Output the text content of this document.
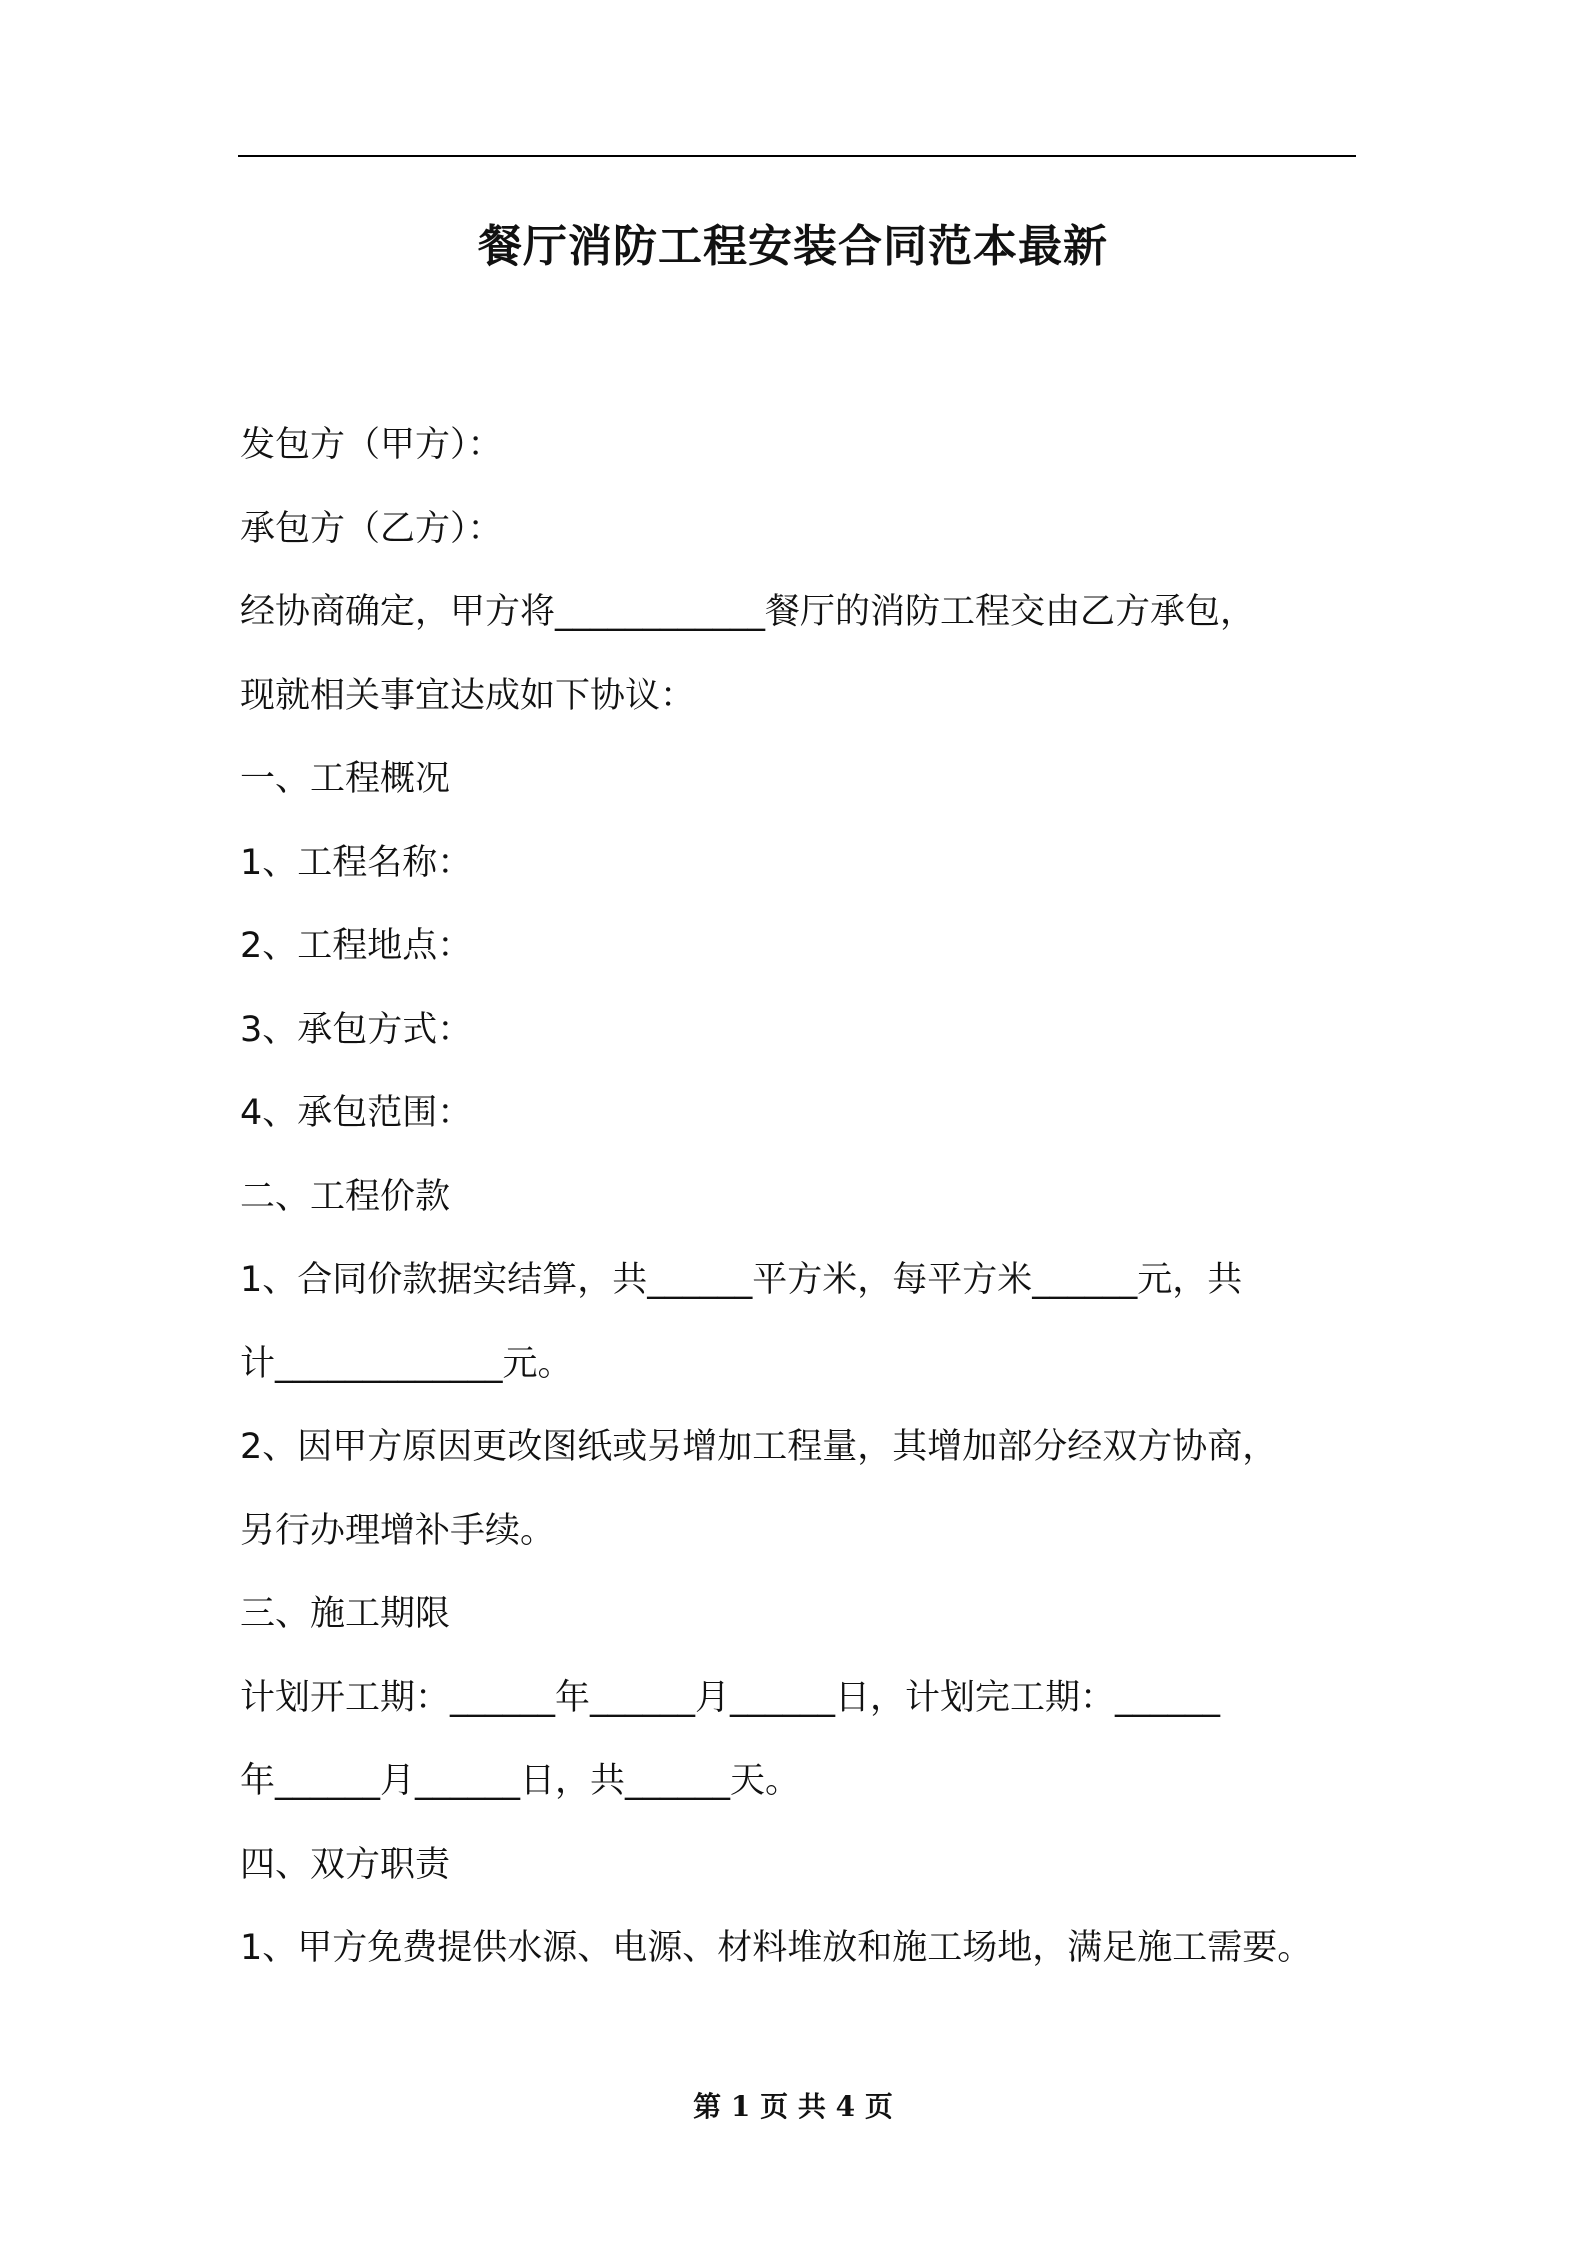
餐厅消防工程安装合同范本最新
发包方（甲方）：
承包方（乙方）：
经协商确定，甲方将____________餐厅的消防工程交由乙方承包，
现就相关事宜达成如下协议：
一、工程概况
1、工程名称：
2、工程地点：
3、承包方式：
4、承包范围：
二、工程价款
1、合同价款据实结算，共______平方米，每平方米______元，共
计_____________元。
2、因甲方原因更改图纸或另增加工程量，其增加部分经双方协商，
另行办理增补手续。
三、施工期限
计划开工期：______年______月______日，计划完工期：______
年______月______日，共______天。
四、双方职责
1、甲方免费提供水源、电源、材料堆放和施工场地，满足施工需要。
第 1 页 共 4 页
